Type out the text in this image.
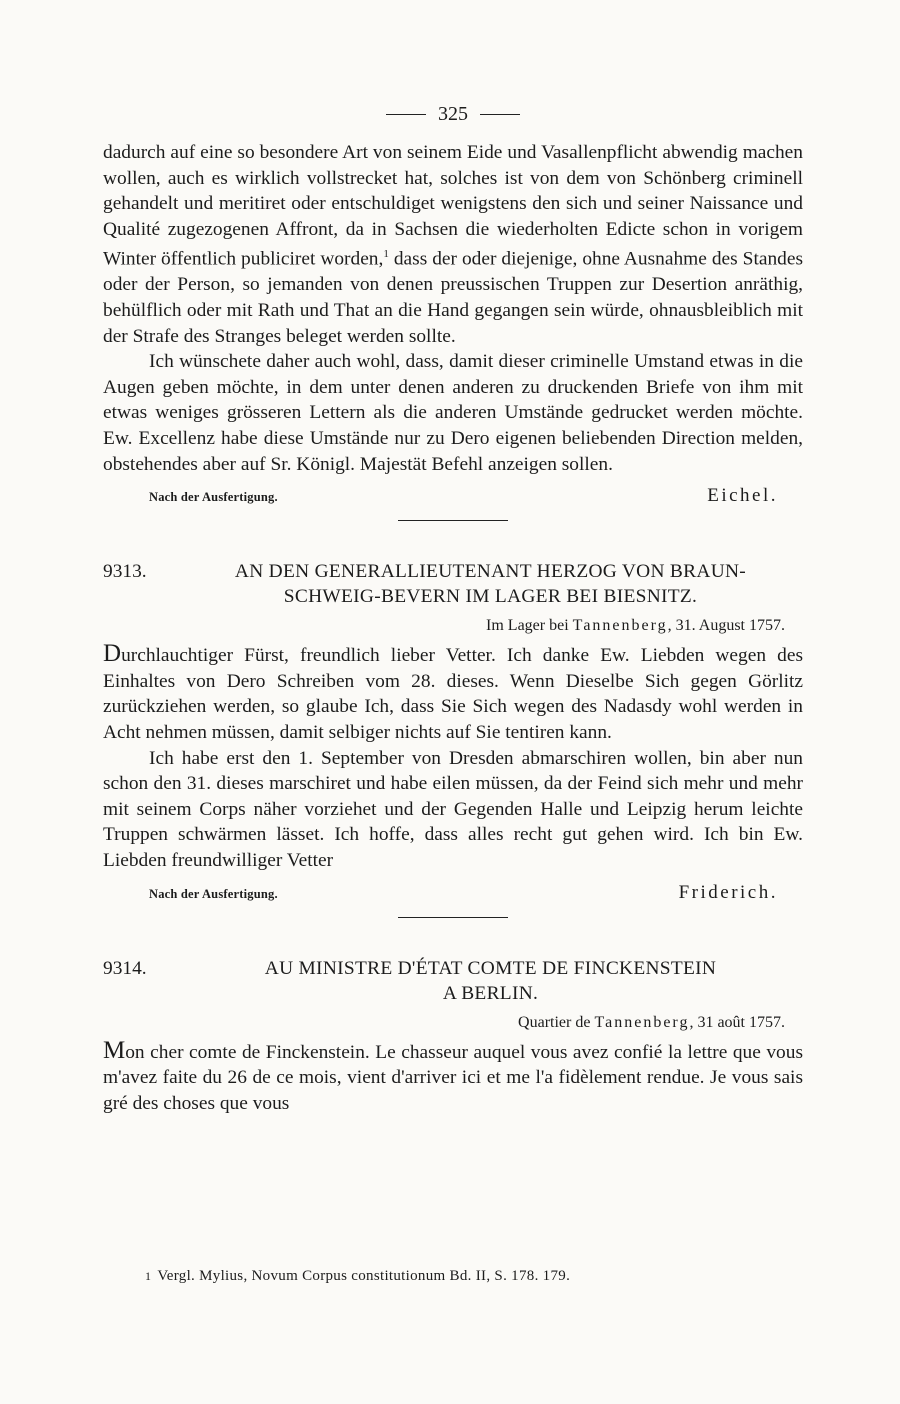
325

dadurch auf eine so besondere Art von seinem Eide und Vasallenpflicht abwendig machen wollen, auch es wirklich vollstrecket hat, solches ist von dem von Schönberg criminell gehandelt und meritiret oder entschuldiget wenigstens den sich und seiner Naissance und Qualité zugezogenen Affront, da in Sachsen die wiederholten Edicte schon in vorigem Winter öffentlich publiciret worden,$^1$ dass der oder diejenige, ohne Ausnahme des Standes oder der Person, so jemanden von denen preussischen Truppen zur Desertion anräthig, behülflich oder mit Rath und That an die Hand gegangen sein würde, ohnausbleiblich mit der Strafe des Stranges beleget werden sollte.

Ich wünschete daher auch wohl, dass, damit dieser criminelle Umstand etwas in die Augen geben möchte, in dem unter denen anderen zu druckenden Briefe von ihm mit etwas weniges grösseren Lettern als die anderen Umstände gedrucket werden möchte. Ew. Excellenz habe diese Umstände nur zu Dero eigenen beliebenden Direction melden, obstehendes aber auf Sr. Königl. Majestät Befehl anzeigen sollen.

Nach der Ausfertigung.	Eichel.
9313.	AN DEN GENERALLIEUTENANT HERZOG VON BRAUN-
SCHWEIG-BEVERN IM LAGER BEI BIESNITZ.
Im Lager bei Tannenberg, 31. August 1757.

Durchlauchtiger Fürst, freundlich lieber Vetter. Ich danke Ew. Liebden wegen des Einhaltes von Dero Schreiben vom 28. dieses. Wenn Dieselbe Sich gegen Görlitz zurückziehen werden, so glaube Ich, dass Sie Sich wegen des Nadasdy wohl werden in Acht nehmen müssen, damit selbiger nichts auf Sie tentiren kann.

Ich habe erst den 1. September von Dresden abmarschiren wollen, bin aber nun schon den 31. dieses marschiret und habe eilen müssen, da der Feind sich mehr und mehr mit seinem Corps näher vorziehet und der Gegenden Halle und Leipzig herum leichte Truppen schwärmen lässet. Ich hoffe, dass alles recht gut gehen wird. Ich bin Ew. Liebden freundwilliger Vetter

Nach der Ausfertigung.	Friderich.
9314.	AU MINISTRE D'ÉTAT COMTE DE FINCKENSTEIN
A BERLIN.
Quartier de Tannenberg, 31 août 1757.

Mon cher comte de Finckenstein. Le chasseur auquel vous avez confié la lettre que vous m'avez faite du 26 de ce mois, vient d'arriver ici et me l'a fidèlement rendue. Je vous sais gré des choses que vous

1 Vergl. Mylius, Novum Corpus constitutionum Bd. II, S. 178. 179.
